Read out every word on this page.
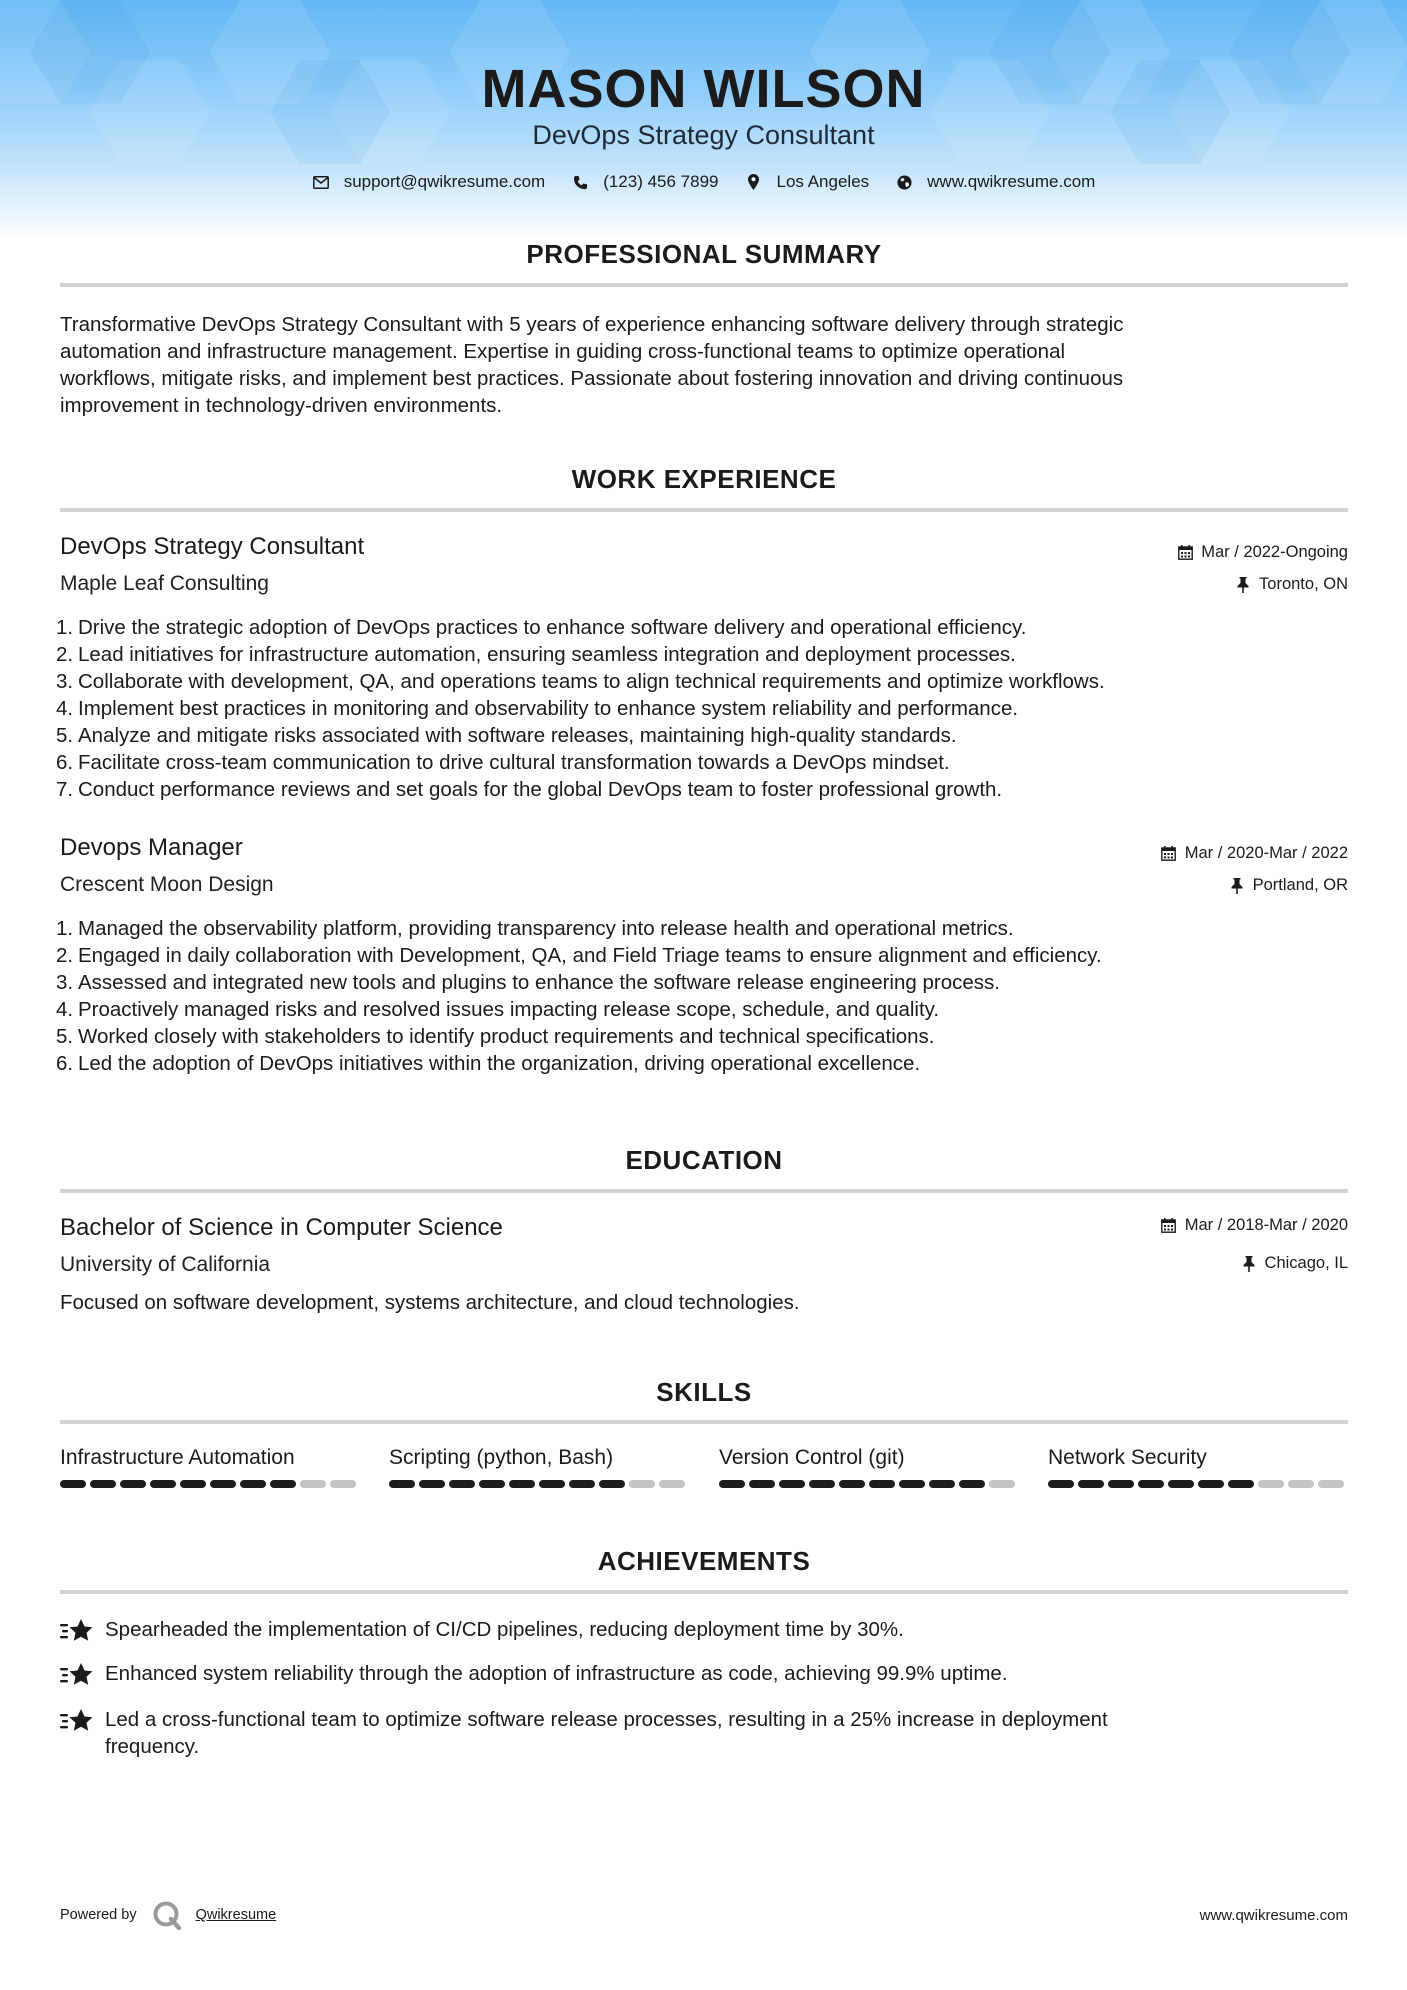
MASON WILSON
DevOps Strategy Consultant
support@qwikresume.com	(123) 456 7899	Los Angeles	www.qwikresume.com
PROFESSIONAL SUMMARY
Transformative DevOps Strategy Consultant with 5 years of experience enhancing software delivery through strategic
automation and infrastructure management. Expertise in guiding cross-functional teams to optimize operational
workflows, mitigate risks, and implement best practices. Passionate about fostering innovation and driving continuous
improvement in technology-driven environments.
WORK EXPERIENCE
DevOps Strategy Consultant	Mar / 2022-Ongoing
Maple Leaf Consulting	Toronto, ON
1. Drive the strategic adoption of DevOps practices to enhance software delivery and operational efficiency.
2. Lead initiatives for infrastructure automation, ensuring seamless integration and deployment processes.
3. Collaborate with development, QA, and operations teams to align technical requirements and optimize workflows.
4. Implement best practices in monitoring and observability to enhance system reliability and performance.
5. Analyze and mitigate risks associated with software releases, maintaining high-quality standards.
6. Facilitate cross-team communication to drive cultural transformation towards a DevOps mindset.
7. Conduct performance reviews and set goals for the global DevOps team to foster professional growth.
Devops Manager	Mar / 2020-Mar / 2022
Crescent Moon Design	Portland, OR
1. Managed the observability platform, providing transparency into release health and operational metrics.
2. Engaged in daily collaboration with Development, QA, and Field Triage teams to ensure alignment and efficiency.
3. Assessed and integrated new tools and plugins to enhance the software release engineering process.
4. Proactively managed risks and resolved issues impacting release scope, schedule, and quality.
5. Worked closely with stakeholders to identify product requirements and technical specifications.
6. Led the adoption of DevOps initiatives within the organization, driving operational excellence.
EDUCATION
Bachelor of Science in Computer Science	Mar / 2018-Mar / 2020
University of California	Chicago, IL
Focused on software development, systems architecture, and cloud technologies.
SKILLS
Infrastructure Automation	Scripting (python, Bash)	Version Control (git)	Network Security
ACHIEVEMENTS
Spearheaded the implementation of CI/CD pipelines, reducing deployment time by 30%.
Enhanced system reliability through the adoption of infrastructure as code, achieving 99.9% uptime.
Led a cross-functional team to optimize software release processes, resulting in a 25% increase in deployment
frequency.
Powered by	Qwikresume	www.qwikresume.com
